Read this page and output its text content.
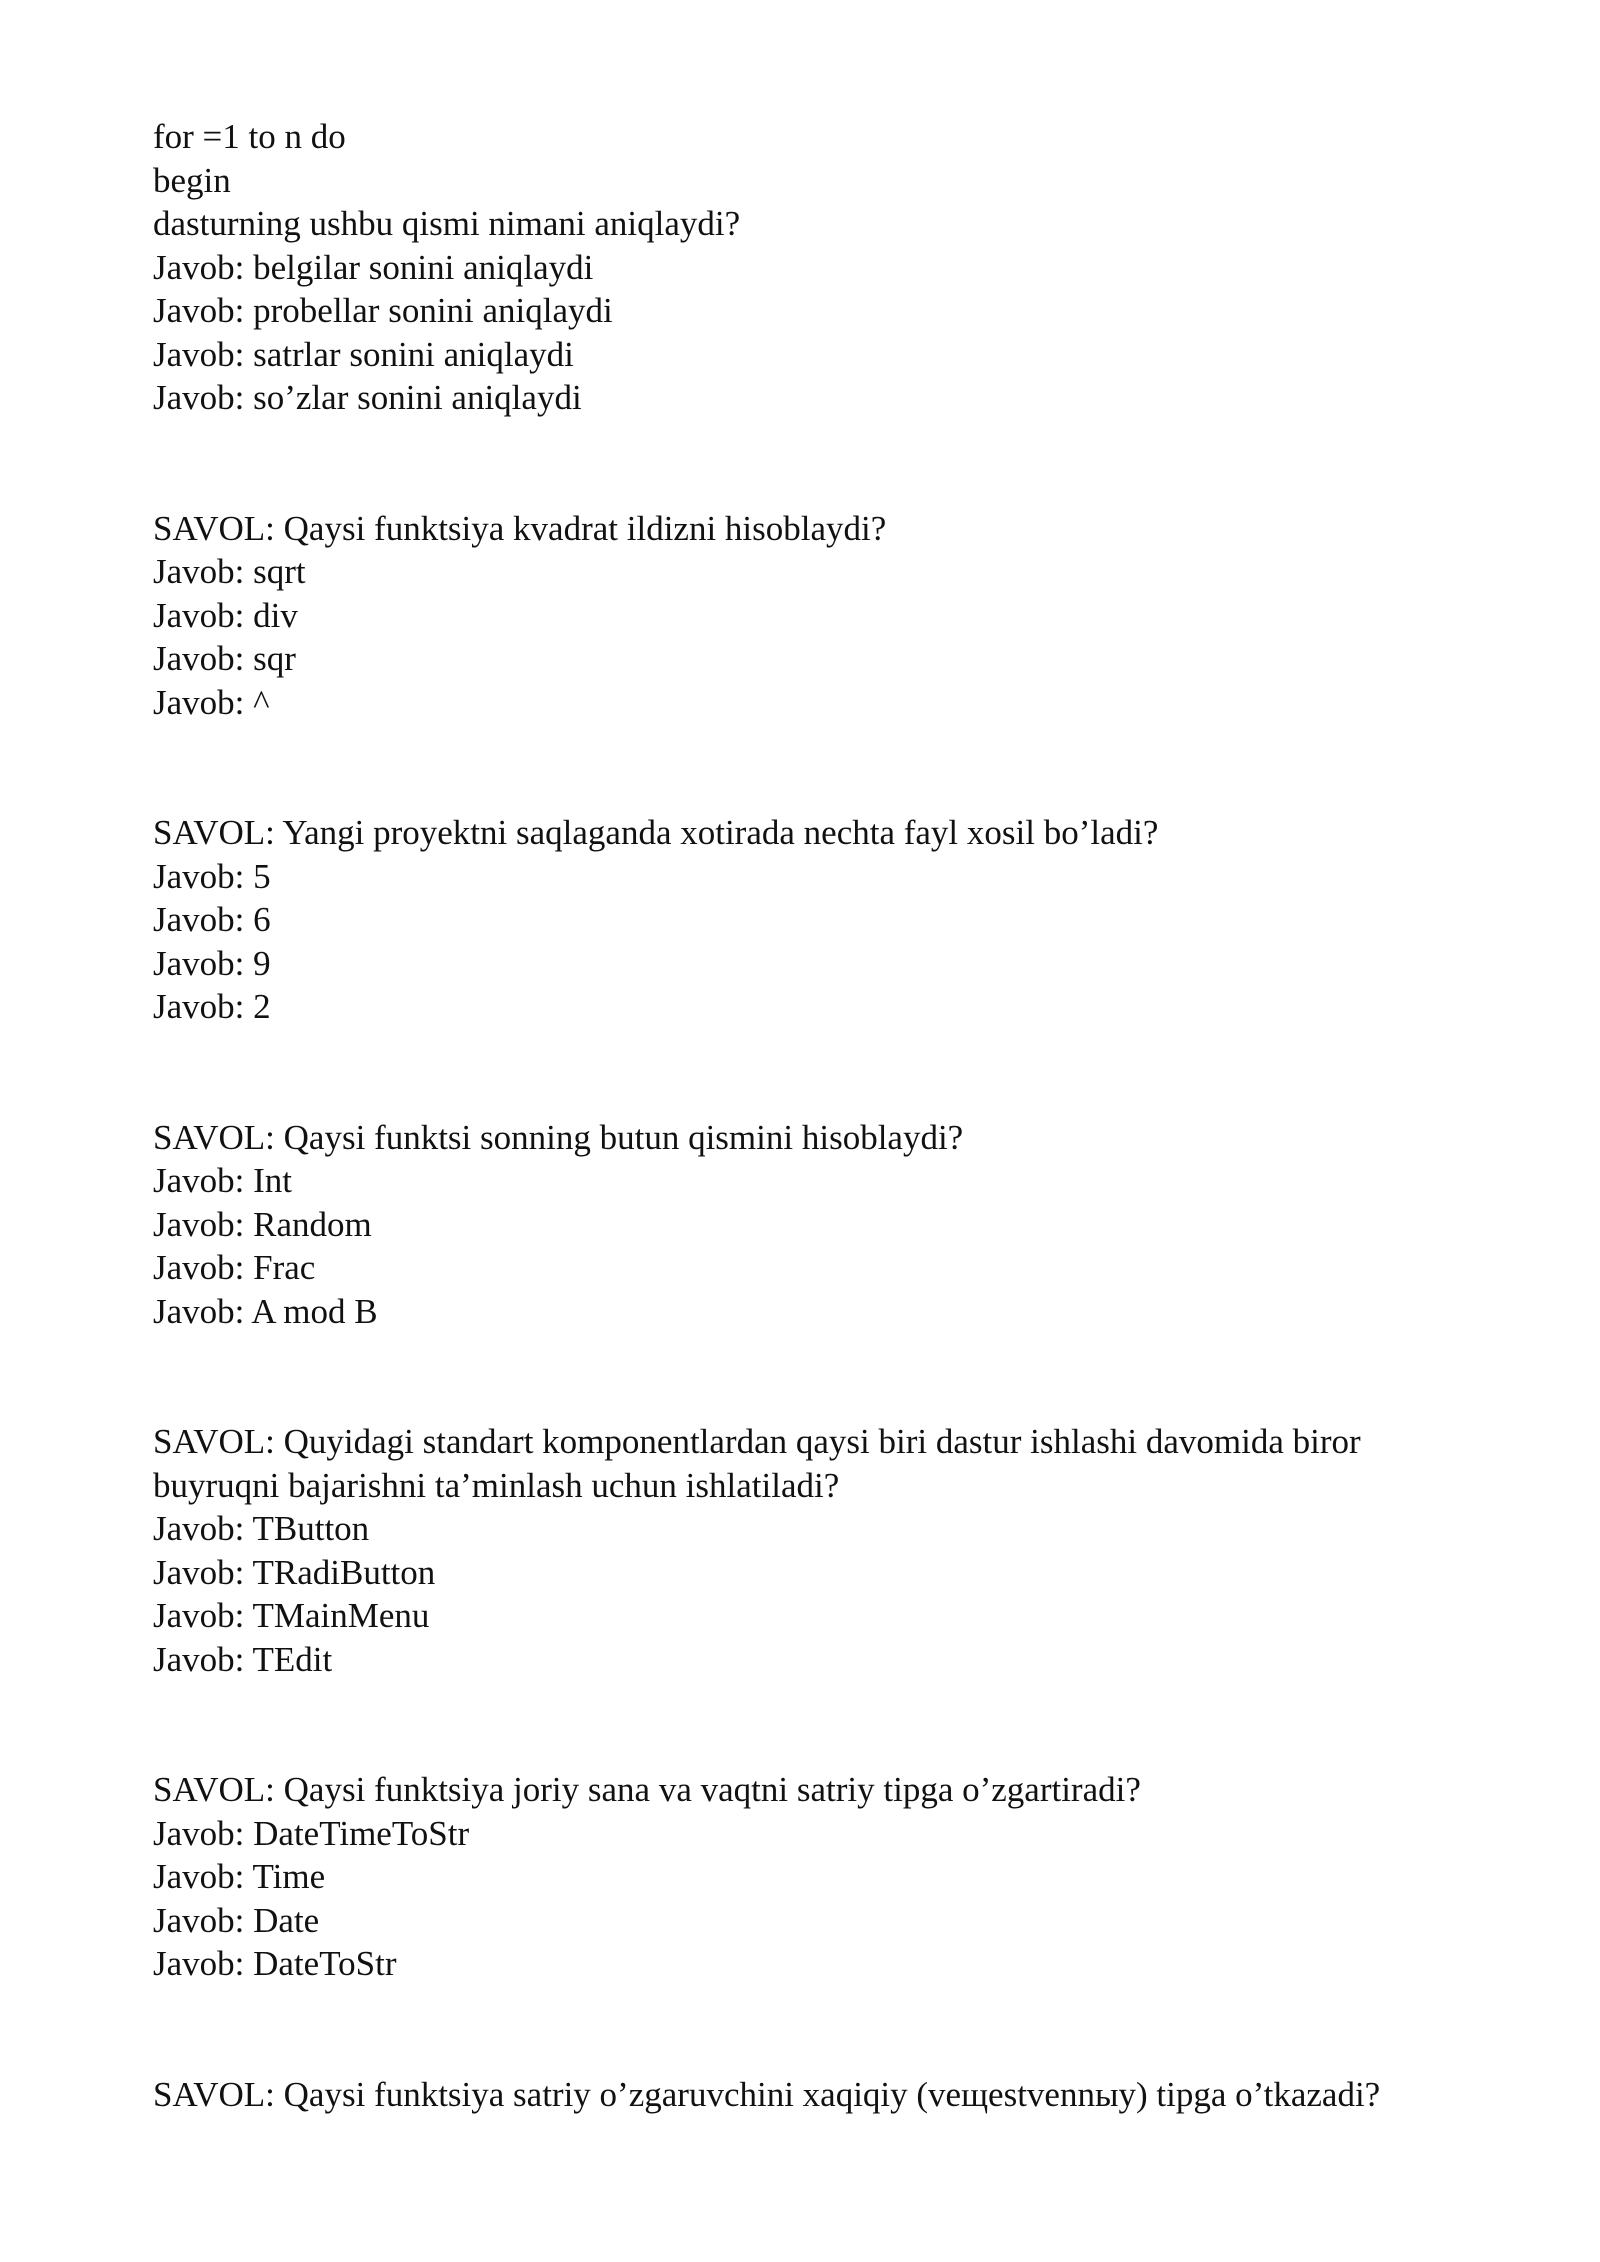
for =1 to n do

begin

dasturning ushbu qismi nimani aniqlaydi?

Javob: belgilar sonini aniqlaydi

Javob: probellar sonini aniqlaydi

Javob: satrlar sonini aniqlaydi

Javob: so’zlar sonini aniqlaydi

SAVOL: Qaysi funktsiya kvadrat ildizni hisoblaydi?

Javob: sqrt

Javob: div

Javob: sqr

Javob: ^

SAVOL: Yangi proyektni saqlaganda xotirada nechta fayl xosil bo’ladi?

Javob: 5

Javob: 6

Javob: 9

Javob: 2

SAVOL: Qaysi funktsi sonning butun qismini hisoblaydi?

Javob: Int

Javob: Random

Javob: Frac

Javob: A mod B

SAVOL: Quyidagi standart komponentlardan qaysi biri dastur ishlashi davomida biror

buyruqni bajarishni ta’minlash uchun ishlatiladi?

Javob: TButton

Javob: TRadiButton

Javob: TMainMenu

Javob: TEdit

SAVOL: Qaysi funktsiya joriy sana va vaqtni satriy tipga o’zgartiradi?

Javob: DateTimeToStr

Javob: Time

Javob: Date

Javob: DateToStr

SAVOL: Qaysi funktsiya satriy o’zgaruvchini xaqiqiy (veщestvennыy) tipga o’tkazadi?
